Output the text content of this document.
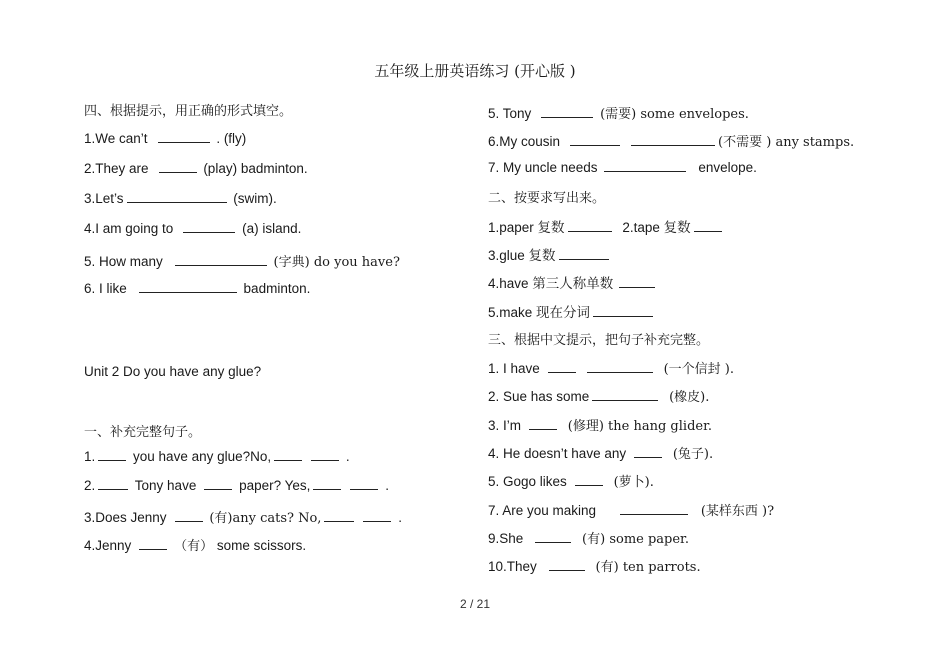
五年级上册英语练习 (开心版 )
四、根据提示，用正确的形式填空。
1.We can’t	. (fly)
2.They are	(play) badminton.
3.Let’s	(swim).
4.I am going to	(a) island.
5. How many	(字典) do you have?
6. I like	badminton.
Unit 2 Do you have any glue?
一、补充完整句子。
1.	you have any glue?No,	.
2.	Tony have	paper? Yes,	.
3.Does Jenny	(有)any cats? No,	.
4.Jenny	（有） some scissors.
5. Tony	(需要) some envelopes.
6.My cousin	(不需要 ) any stamps.
7. My uncle needs	envelope.
二、按要求写出来。
1.paper 复数	2.tape 复数
3.glue 复数
4.have 第三人称单数
5.make 现在分词
三、根据中文提示，把句子补充完整。
1. I have	(一个信封 ).
2. Sue has some	(橡皮).
3. I’m	(修理) the hang glider.
4. He doesn’t have any	(兔子).
5. Gogo likes	(萝卜).
7. Are you making	(某样东西 )?
9.She	(有) some paper.
10.They	(有) ten parrots.
2 / 21
